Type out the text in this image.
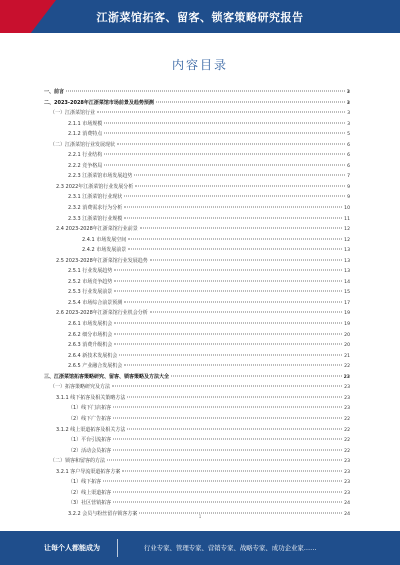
江浙菜馆拓客、留客、锁客策略研究报告
内容目录
一、前言	3
二、2023-2028年江浙菜馆市场前景及趋势预测	3
（一）江浙菜馆行业	3
2.1.1 市场规模	3
2.1.2 消费特点	5
（二）江浙菜馆行业发展现状	6
2.2.1 行业结构	6
2.2.2 竞争格局	6
2.2.3 江浙菜馆市场发展趋势	7
2.3 2022年江浙菜馆行业发展分析	9
2.3.1 江浙菜馆行业现状	9
2.3.2 消费需求行为分析	10
2.3.3 江浙菜馆行业规模	11
2.4 2023-2028年江浙菜馆行业前景	12
2.4.1 市场发展空间	12
2.4.2 市场发展前景	13
2.5 2023-2028年江浙菜馆行业发展趋势	13
2.5.1 行业发展趋势	13
2.5.2 市场竞争趋势	14
2.5.3 行业发展前景	15
2.5.4 市场综合前景预测	17
2.6 2023-2028年江浙菜馆行业机会分析	19
2.6.1 市场发展机会	19
2.6.2 细分市场机会	20
2.6.3 消费升级机会	20
2.6.4 新技术发展机会	21
2.6.5 产业融合发展机会	22
三、江浙菜馆拓客策略研究、留客、锁客策略及方法大全	23
（一）拓客策略研究及方法	23
3.1.1 线下拓客及相关策略方法	23
（1）线下门店拓客	23
（2）线下广告拓客	22
3.1.2 线上渠道拓客及相关方法	22
（1）平台引流拓客	22
（2）活动会员拓客	22
（二）锁客和留客的方法	23
3.2.1 客户导流渠道拓客方案	23
（1）线下拓客	23
（2）线上渠道拓客	23
（3）社区营销拓客	24
3.2.2 会员与粉丝留存锁客方案	24
1
让每个人都能成为	行业专家、管理专家、营销专家、战略专家、成功企业家……
